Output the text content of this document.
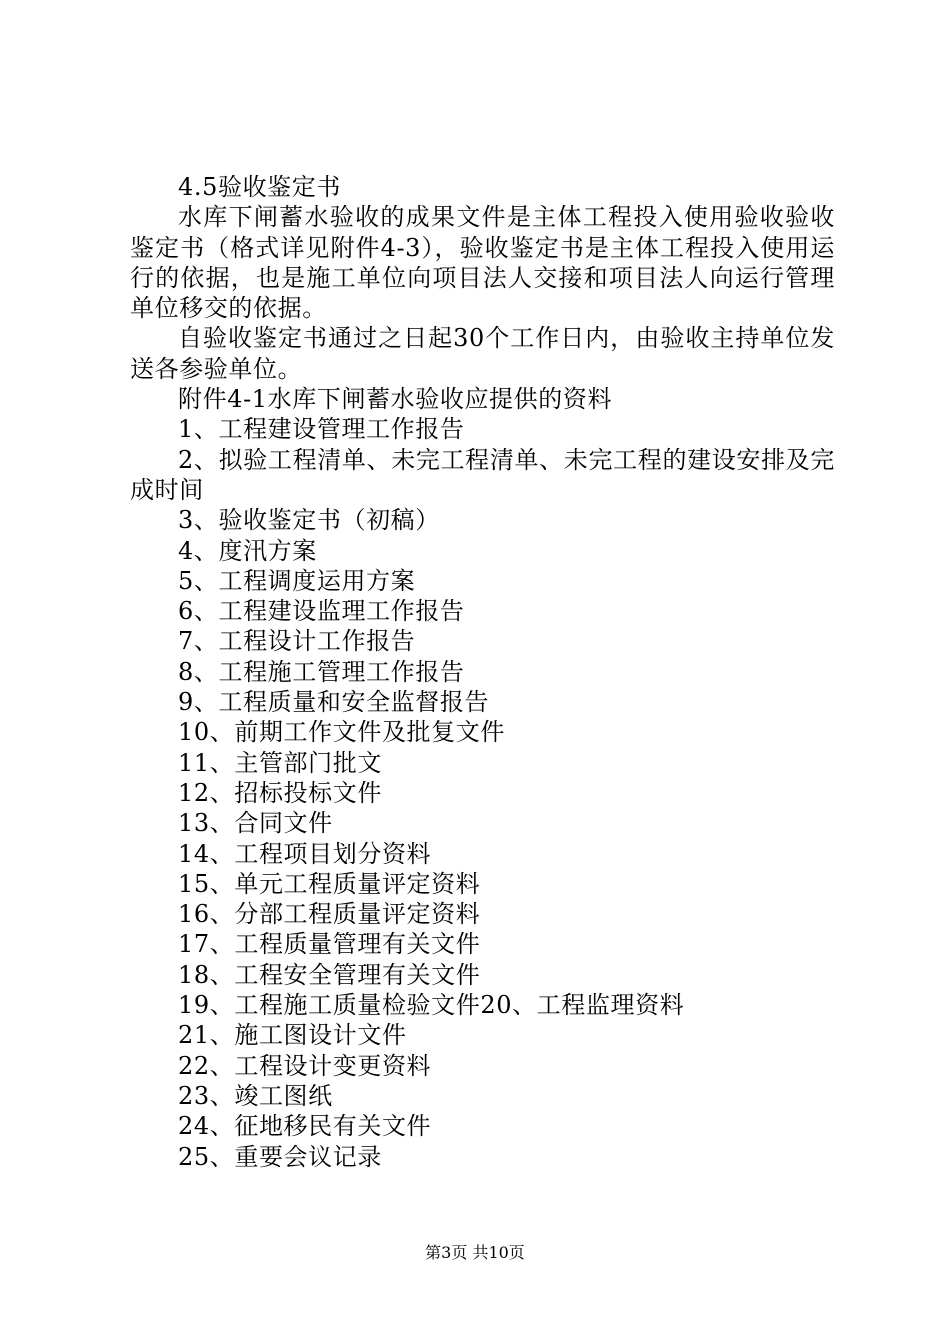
4.5验收鉴定书

水库下闸蓄水验收的成果文件是主体工程投入使用验收验收鉴定书（格式详见附件4-3），验收鉴定书是主体工程投入使用运行的依据，也是施工单位向项目法人交接和项目法人向运行管理单位移交的依据。

自验收鉴定书通过之日起30个工作日内，由验收主持单位发送各参验单位。

附件4-1水库下闸蓄水验收应提供的资料

1、工程建设管理工作报告

2、拟验工程清单、未完工程清单、未完工程的建设安排及完成时间

3、验收鉴定书（初稿）

4、度汛方案

5、工程调度运用方案

6、工程建设监理工作报告

7、工程设计工作报告

8、工程施工管理工作报告

9、工程质量和安全监督报告

10、前期工作文件及批复文件

11、主管部门批文

12、招标投标文件

13、合同文件

14、工程项目划分资料

15、单元工程质量评定资料

16、分部工程质量评定资料

17、工程质量管理有关文件

18、工程安全管理有关文件

19、工程施工质量检验文件20、工程监理资料

21、施工图设计文件

22、工程设计变更资料

23、竣工图纸

24、征地移民有关文件

25、重要会议记录

第3页 共10页
